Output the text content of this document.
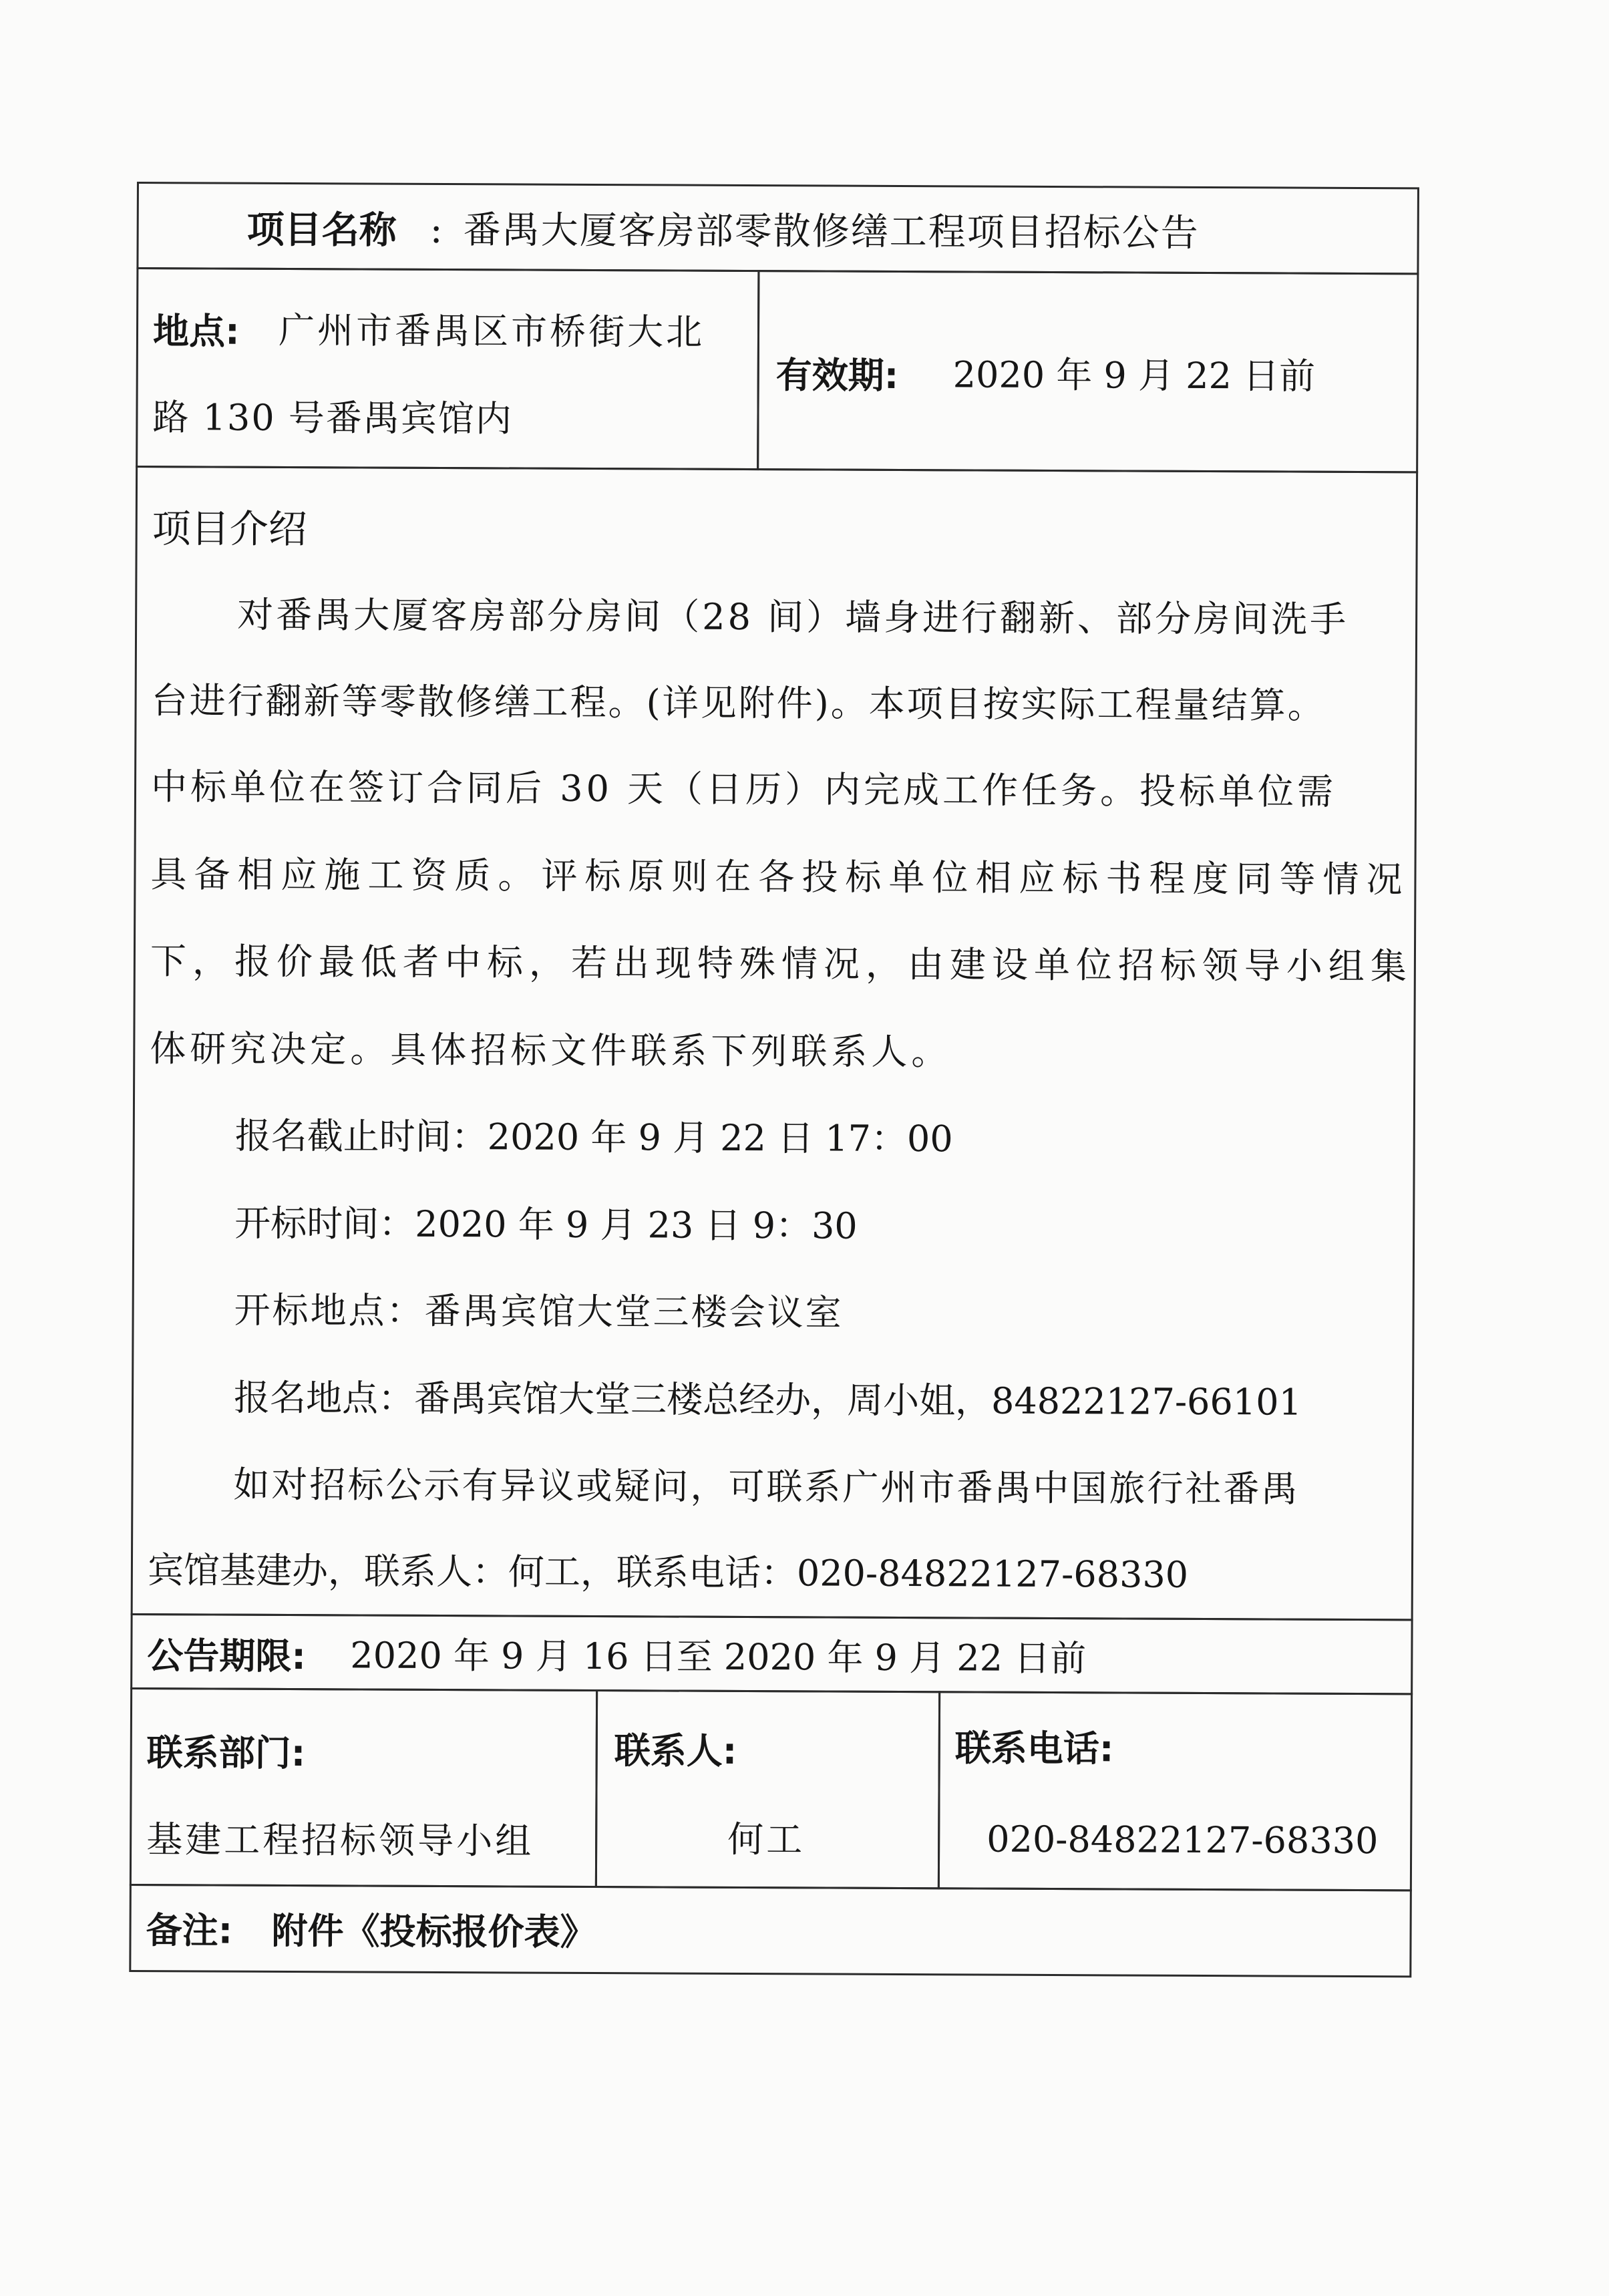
项目名称 : 番禺大厦客房部零散修缮工程项目招标公告
地点: 广州市番禺区市桥街大北
路 130 号番禺宾馆内
有效期: 2020 年 9 月 22 日前
项目介绍
对番禺大厦客房部分房间（28 间）墙身进行翻新、部分房间洗手
台进行翻新等零散修缮工程。(详见附件)。本项目按实际工程量结算。
中标单位在签订合同后 30 天（日历）内完成工作任务。投标单位需
具备相应施工资质。评标原则在各投标单位相应标书程度同等情况
下，报价最低者中标，若出现特殊情况，由建设单位招标领导小组集
体研究决定。具体招标文件联系下列联系人。
报名截止时间：2020 年 9 月 22 日 17：00
开标时间：2020 年 9 月 23 日 9：30
开标地点：番禺宾馆大堂三楼会议室
报名地点：番禺宾馆大堂三楼总经办，周小姐，84822127-66101
如对招标公示有异议或疑问，可联系广州市番禺中国旅行社番禺
宾馆基建办，联系人：何工，联系电话：020-84822127-68330
公告期限: 2020 年 9 月 16 日至 2020 年 9 月 22 日前
联系部门:
基建工程招标领导小组
联系人:
何工
联系电话:
020-84822127-68330
备注: 附件《投标报价表》
